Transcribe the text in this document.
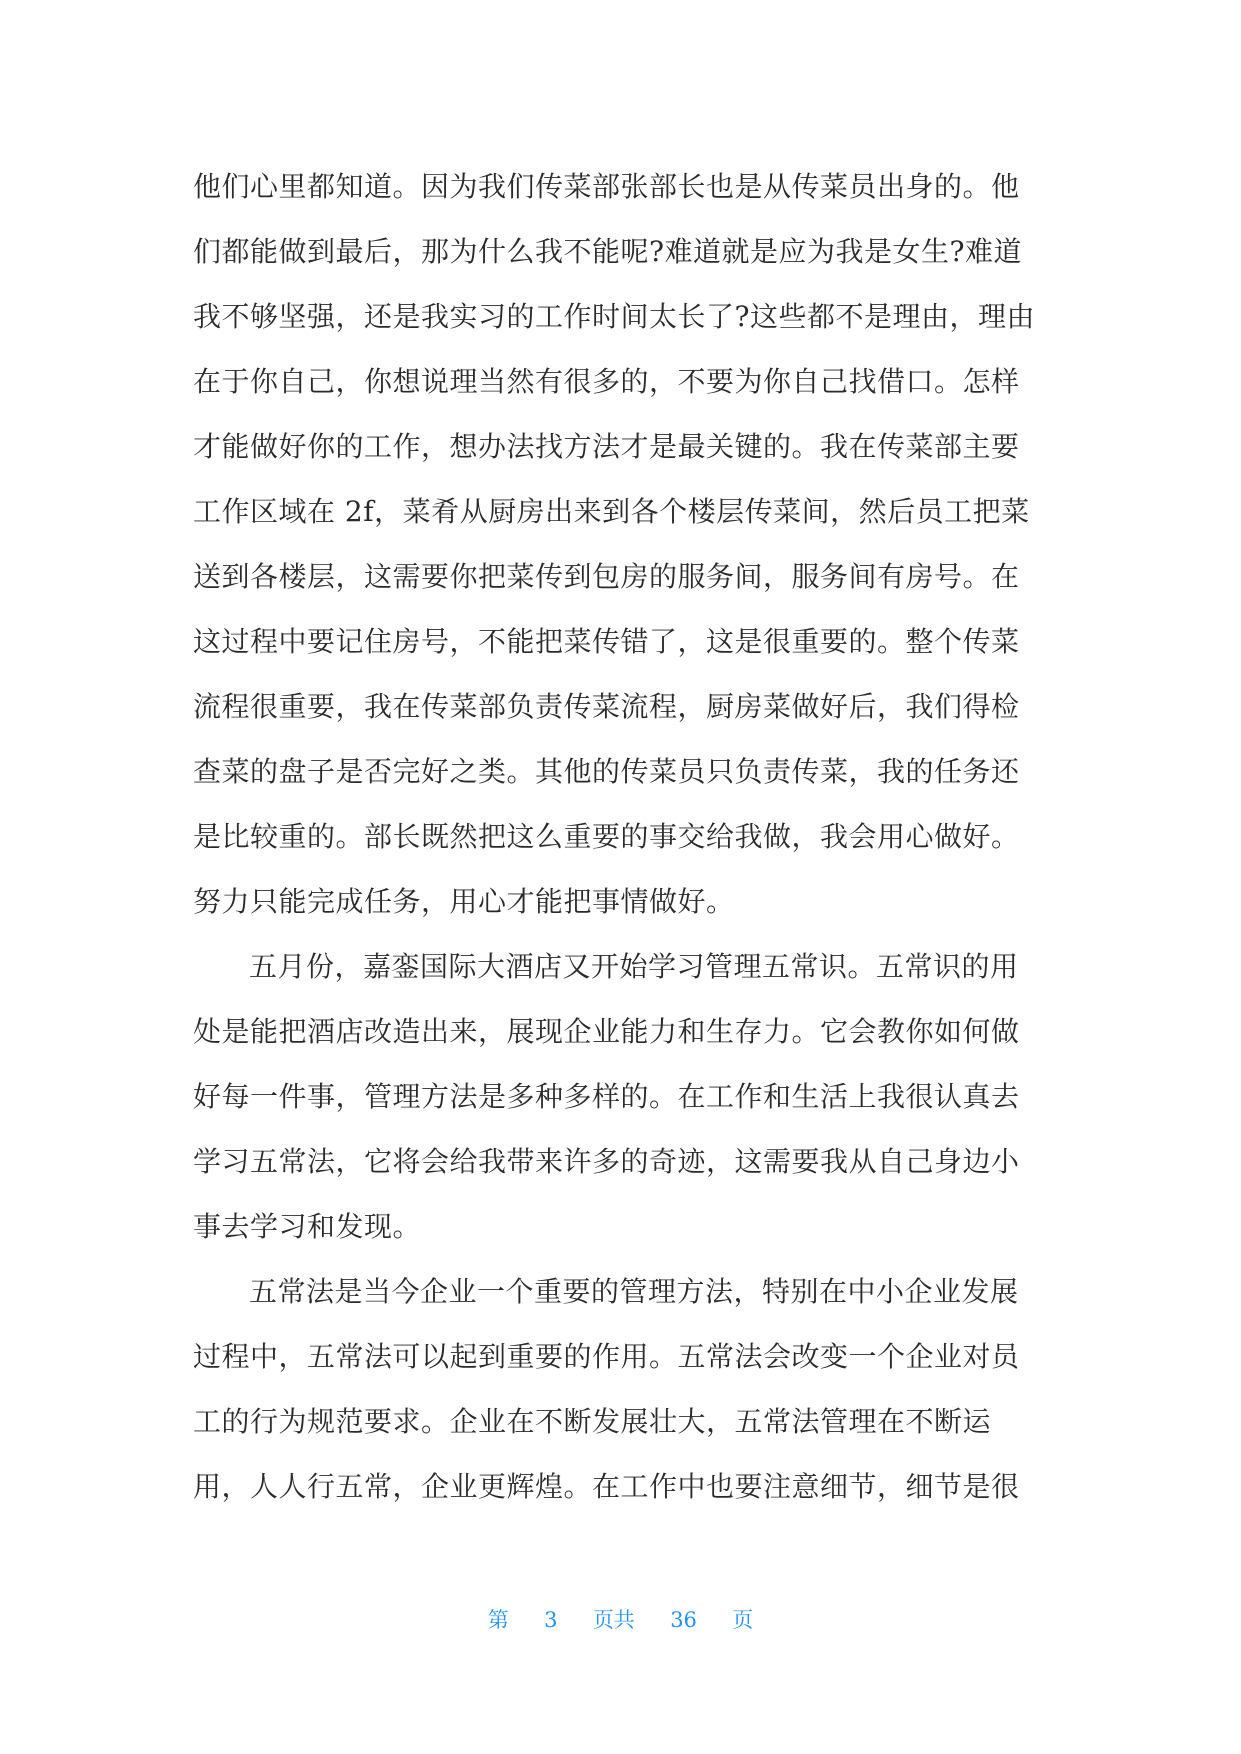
他们心里都知道。因为我们传菜部张部长也是从传菜员出身的。他
们都能做到最后，那为什么我不能呢?难道就是应为我是女生?难道
我不够坚强，还是我实习的工作时间太长了?这些都不是理由，理由
在于你自己，你想说理当然有很多的，不要为你自己找借口。怎样
才能做好你的工作，想办法找方法才是最关键的。我在传菜部主要
工作区域在 2f，菜肴从厨房出来到各个楼层传菜间，然后员工把菜
送到各楼层，这需要你把菜传到包房的服务间，服务间有房号。在
这过程中要记住房号，不能把菜传错了，这是很重要的。整个传菜
流程很重要，我在传菜部负责传菜流程，厨房菜做好后，我们得检
查菜的盘子是否完好之类。其他的传菜员只负责传菜，我的任务还
是比较重的。部长既然把这么重要的事交给我做，我会用心做好。
努力只能完成任务，用心才能把事情做好。
五月份，嘉銮国际大酒店又开始学习管理五常识。五常识的用
处是能把酒店改造出来，展现企业能力和生存力。它会教你如何做
好每一件事，管理方法是多种多样的。在工作和生活上我很认真去
学习五常法，它将会给我带来许多的奇迹，这需要我从自己身边小
事去学习和发现。
五常法是当今企业一个重要的管理方法，特别在中小企业发展
过程中，五常法可以起到重要的作用。五常法会改变一个企业对员
工的行为规范要求。企业在不断发展壮大，五常法管理在不断运
用，人人行五常，企业更辉煌。在工作中也要注意细节，细节是很
第 3 页共 36 页
